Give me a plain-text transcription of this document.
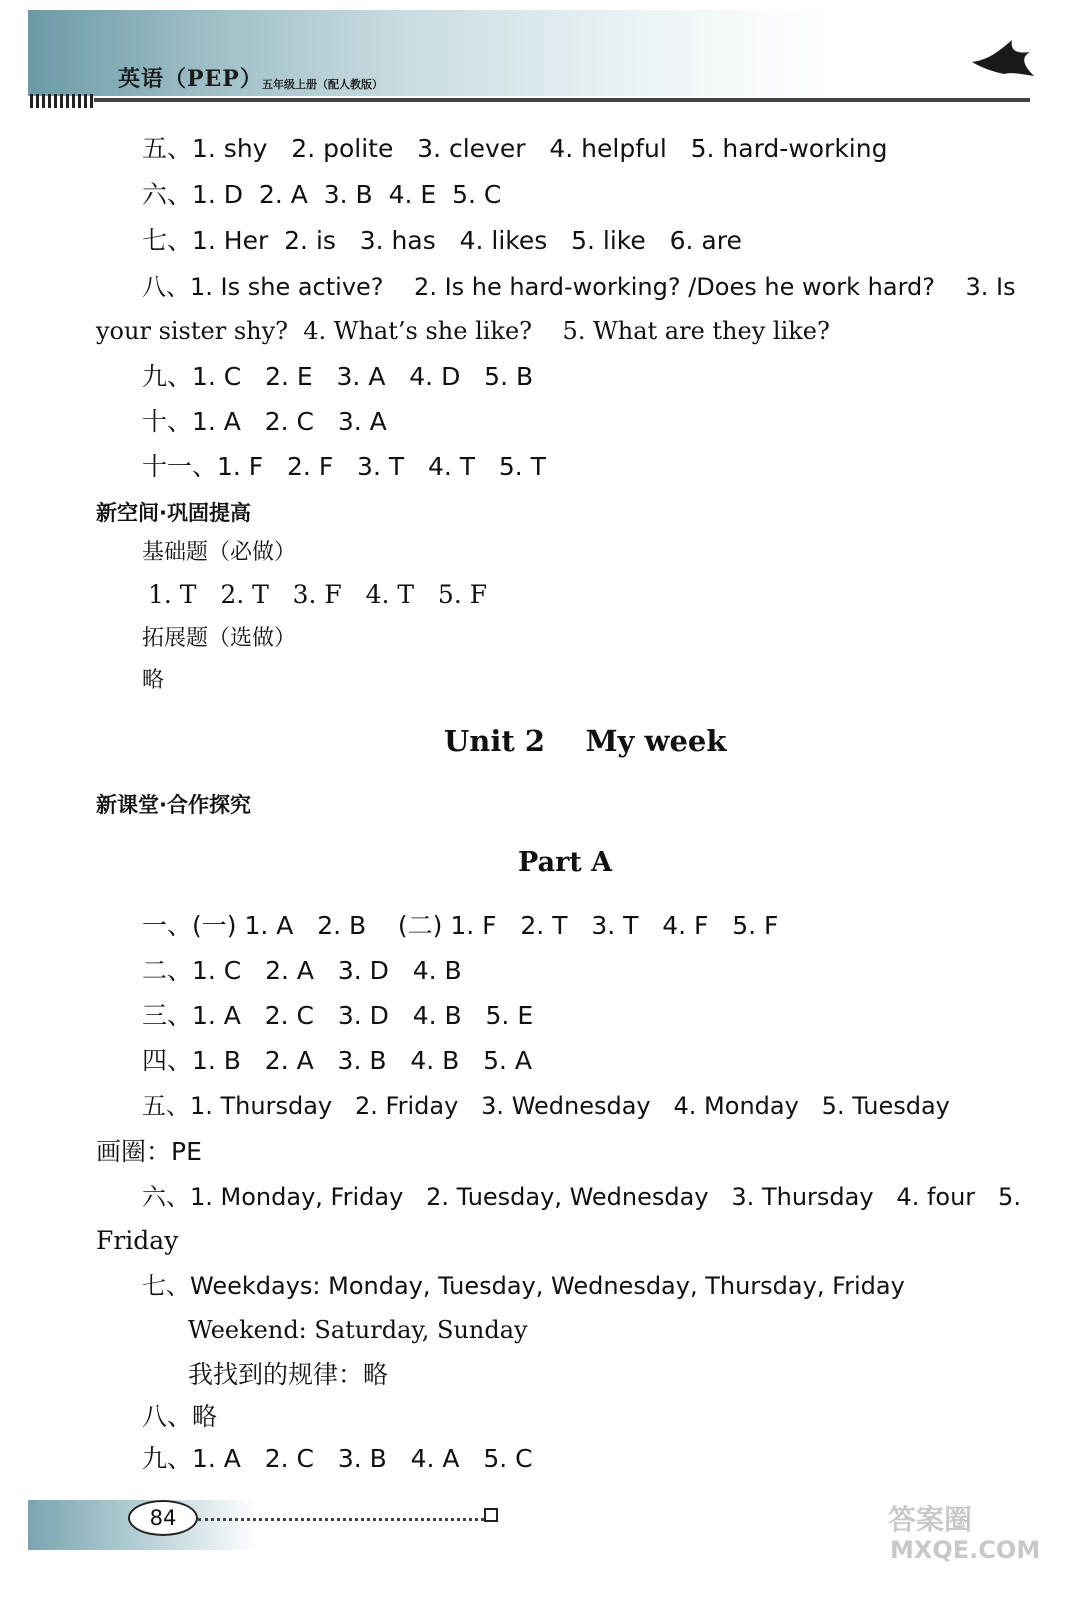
英语（PEP） 五年级上册（配人教版）
五、1. shy   2. polite   3. clever   4. helpful   5. hard-working
六、1. D  2. A  3. B  4. E  5. C
七、1. Her  2. is   3. has   4. likes   5. like   6. are
八、1. Is she active?    2. Is he hard-working? /Does he work hard?    3. Is
your sister shy?  4. What’s she like?    5. What are they like?
九、1. C   2. E   3. A   4. D   5. B
十、1. A   2. C   3. A
十一、1. F   2. F   3. T   4. T   5. T
新空间·巩固提高
基础题（必做）
1. T   2. T   3. F   4. T   5. F
拓展题（选做）
略
Unit 2    My week
新课堂·合作探究
Part A
一、(一) 1. A   2. B    (二) 1. F   2. T   3. T   4. F   5. F
二、1. C   2. A   3. D   4. B
三、1. A   2. C   3. D   4. B   5. E
四、1. B   2. A   3. B   4. B   5. A
五、1. Thursday   2. Friday   3. Wednesday   4. Monday   5. Tuesday
画圈：PE
六、1. Monday, Friday   2. Tuesday, Wednesday   3. Thursday   4. four   5.
Friday
七、Weekdays: Monday, Tuesday, Wednesday, Thursday, Friday
Weekend: Saturday, Sunday
我找到的规律：略
八、略
九、1. A   2. C   3. B   4. A   5. C
84	答案圈
MXQE.COM
